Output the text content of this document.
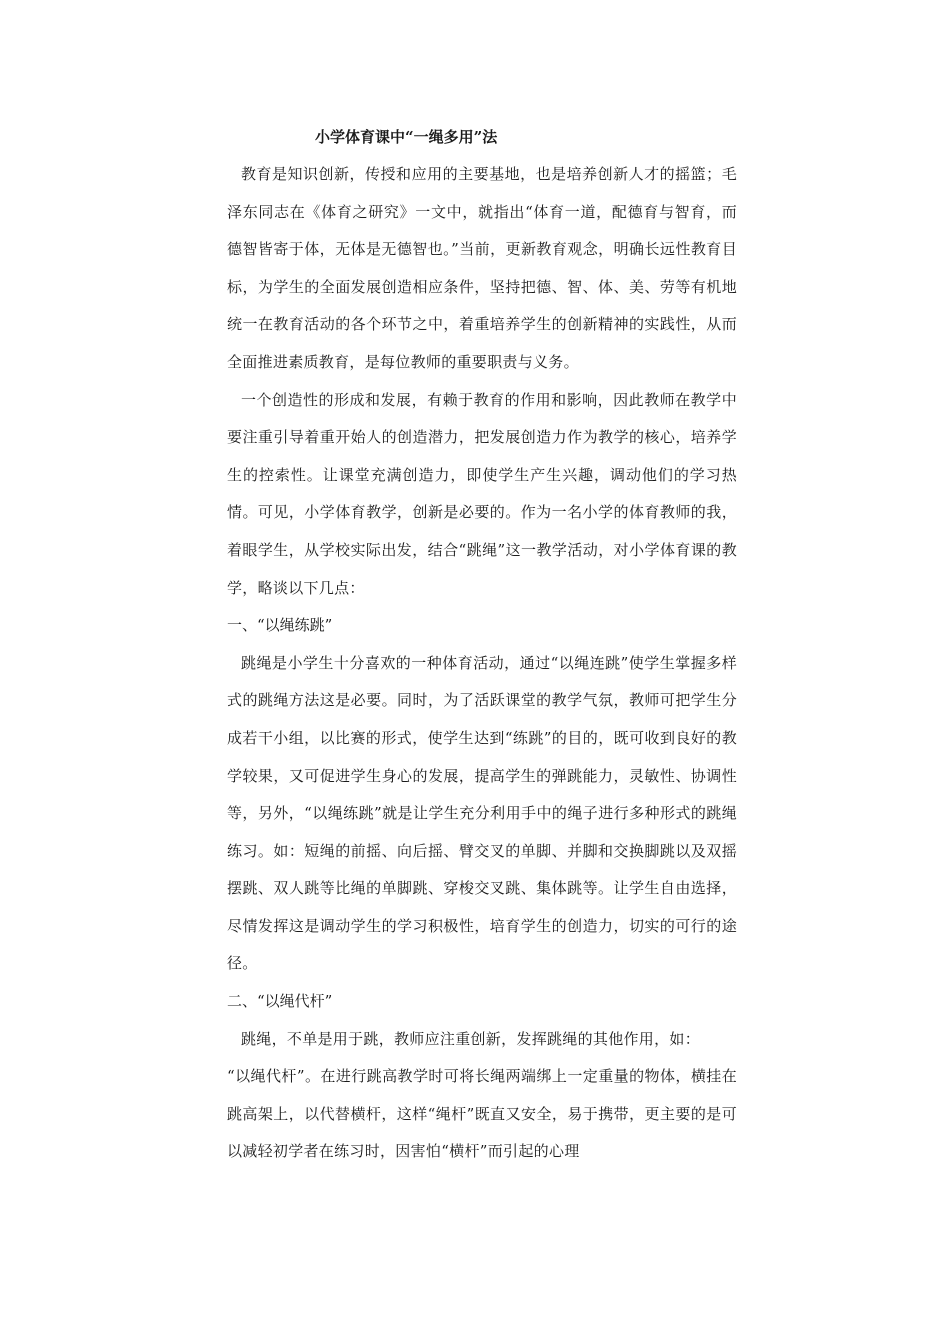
小学体育课中“一绳多用”法

教育是知识创新，传授和应用的主要基地，也是培养创新人才的摇篮；毛泽东同志在《体育之研究》一文中，就指出“体育一道，配德育与智育，而德智皆寄于体，无体是无德智也。”当前，更新教育观念，明确长远性教育目标，为学生的全面发展创造相应条件，坚持把德、智、体、美、劳等有机地统一在教育活动的各个环节之中，着重培养学生的创新精神的实践性，从而全面推进素质教育，是每位教师的重要职责与义务。

一个创造性的形成和发展，有赖于教育的作用和影响，因此教师在教学中要注重引导着重开始人的创造潜力，把发展创造力作为教学的核心，培养学生的控索性。让课堂充满创造力，即使学生产生兴趣，调动他们的学习热情。可见，小学体育教学，创新是必要的。作为一名小学的体育教师的我，着眼学生，从学校实际出发，结合“跳绳”这一教学活动，对小学体育课的教学，略谈以下几点：

一、“以绳练跳”

跳绳是小学生十分喜欢的一种体育活动，通过“以绳连跳”使学生掌握多样式的跳绳方法这是必要。同时，为了活跃课堂的教学气氛，教师可把学生分成若干小组，以比赛的形式，使学生达到“练跳”的目的，既可收到良好的教学较果，又可促进学生身心的发展，提高学生的弹跳能力，灵敏性、协调性等，另外，“以绳练跳”就是让学生充分利用手中的绳子进行多种形式的跳绳练习。如：短绳的前摇、向后摇、臂交叉的单脚、并脚和交换脚跳以及双摇摆跳、双人跳等比绳的单脚跳、穿梭交叉跳、集体跳等。让学生自由选择，尽情发挥这是调动学生的学习积极性，培育学生的创造力，切实的可行的途径。

二、“以绳代杆”

跳绳，不单是用于跳，教师应注重创新，发挥跳绳的其他作用，如：

“以绳代杆”。在进行跳高教学时可将长绳两端绑上一定重量的物体，横挂在跳高架上，以代替横杆，这样“绳杆”既直又安全，易于携带，更主要的是可以减轻初学者在练习时，因害怕“横杆”而引起的心理
